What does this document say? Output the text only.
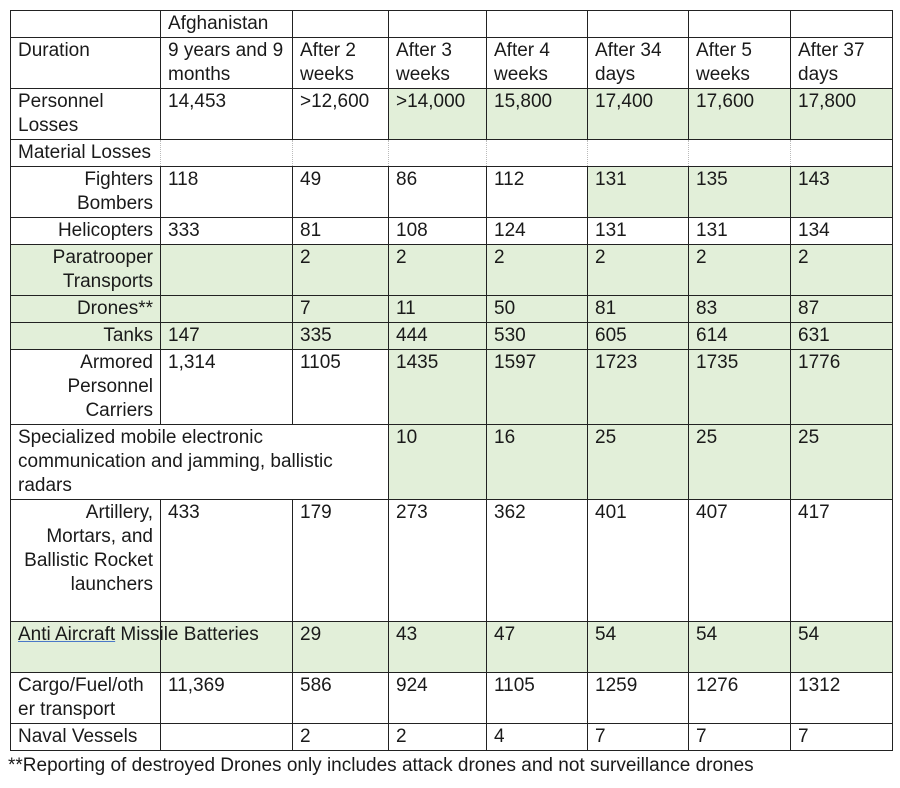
	Afghanistan						
Duration	9 years and 9 months	After 2 weeks	After 3 weeks	After 4 weeks	After 34 days	After 5 weeks	After 37 days
Personnel Losses	14,453	>12,600	>14,000	15,800	17,400	17,600	17,800
Material Losses							
Fighters Bombers	118	49	86	112	131	135	143
Helicopters	333	81	108	124	131	131	134
Paratrooper Transports		2	2	2	2	2	2
Drones**		7	11	50	81	83	87
Tanks	147	335	444	530	605	614	631
Armored Personnel Carriers	1,314	1105	1435	1597	1723	1735	1776
Specialized mobile electronic communication and jamming, ballistic radars			10	16	25	25	25
Artillery, Mortars, and Ballistic Rocket launchers	433	179	273	362	401	407	417
Anti Aircraft Missile Batteries		29	43	47	54	54	54
Cargo/Fuel/other transport	11,369	586	924	1105	1259	1276	1312
Naval Vessels		2	2	4	7	7	7
**Reporting of destroyed Drones only includes attack drones and not surveillance drones
